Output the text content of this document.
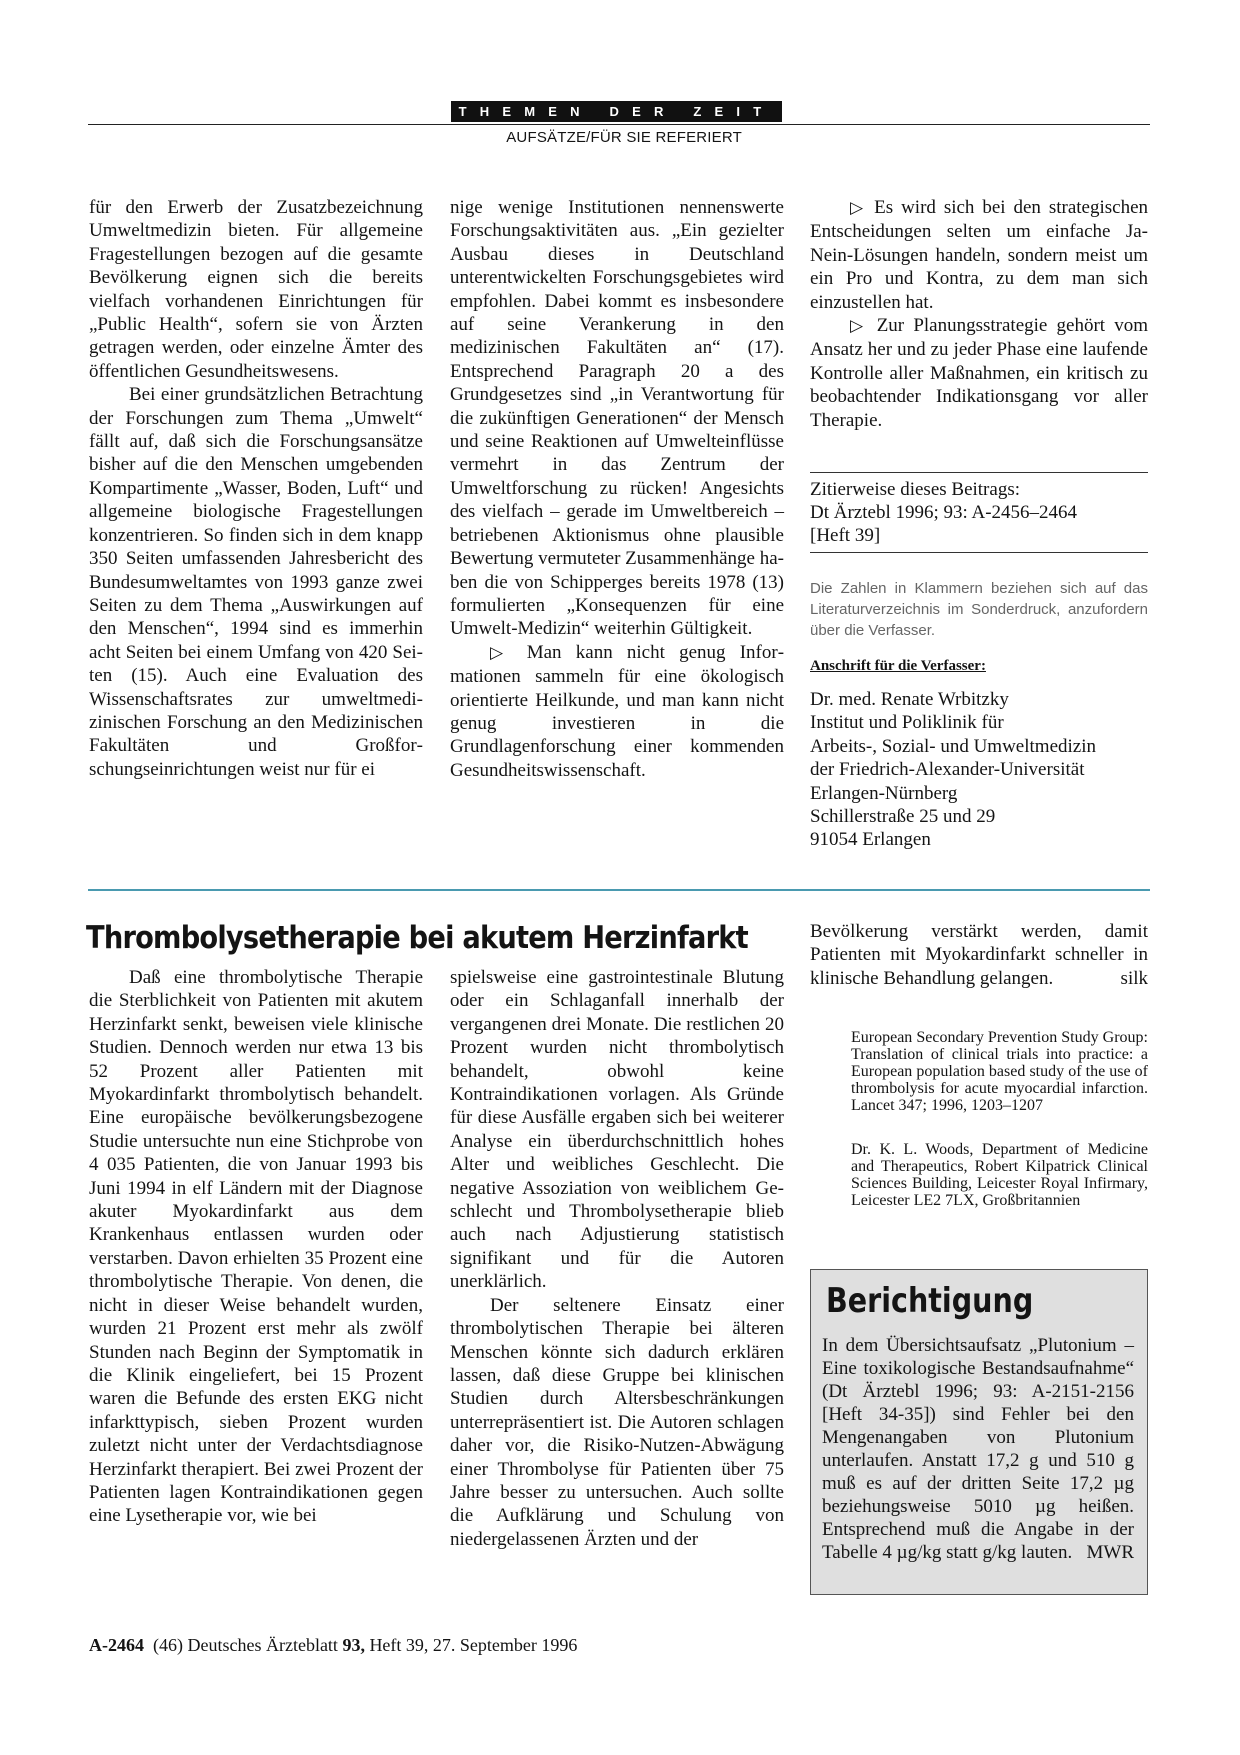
THEMEN DER ZEIT
AUFSÄTZE/FÜR SIE REFERIERT

für den Erwerb der Zusatzbezeichnung Umweltmedizin bieten. Für allgemeine Fragestellungen bezogen auf die gesamte Bevölkerung eignen sich die bereits vielfach vorhandenen Einrichtungen für „Public Health“, sofern sie von Ärzten getragen werden, oder einzelne Ämter des öffentlichen Gesundheitswesens.

Bei einer grundsätzlichen Betrachtung der Forschungen zum Thema „Umwelt“ fällt auf, daß sich die Forschungsansätze bisher auf die den Menschen umgebenden Kompartimente „Wasser, Boden, Luft“ und allgemeine biologische Fragestellungen konzentrieren. So finden sich in dem knapp 350 Seiten umfassenden Jahresbericht des Bundesumweltamtes von 1993 ganze zwei Seiten zu dem Thema „Auswirkungen auf den Menschen“, 1994 sind es immerhin acht Seiten bei einem Umfang von 420 Seiten (15). Auch eine Evaluation des Wissenschaftsrates zur umweltmedizinischen Forschung an den Medizinischen Fakultäten und Großforschungseinrichtungen weist nur für ei

nige wenige Institutionen nennenswerte Forschungsaktivitäten aus. „Ein gezielter Ausbau dieses in Deutschland unterentwickelten Forschungsgebietes wird empfohlen. Dabei kommt es insbesondere auf seine Verankerung in den medizinischen Fakultäten an“ (17). Entsprechend Paragraph 20 a des Grundgesetzes sind „in Verantwortung für die zukünftigen Generationen“ der Mensch und seine Reaktionen auf Umwelteinflüsse vermehrt in das Zentrum der Umweltforschung zu rücken! Angesichts des vielfach – gerade im Umweltbereich – betriebenen Aktionismus ohne plausible Bewertung vermuteter Zusammenhänge haben die von Schipperges bereits 1978 (13) formulierten „Konsequenzen für eine Umwelt-Medizin“ weiterhin Gültigkeit.

▷ Man kann nicht genug Informationen sammeln für eine ökologisch orientierte Heilkunde, und man kann nicht genug investieren in die Grundlagenforschung einer kommenden Gesundheitswissenschaft.

▷ Es wird sich bei den strategischen Entscheidungen selten um einfache Ja-Nein-Lösungen handeln, sondern meist um ein Pro und Kontra, zu dem man sich einzustellen hat.

▷ Zur Planungsstrategie gehört vom Ansatz her und zu jeder Phase eine laufende Kontrolle aller Maßnahmen, ein kritisch zu beobachtender Indikationsgang vor aller Therapie.

Zitierweise dieses Beitrags:

Dt Ärztebl 1996; 93: A-2456–2464

[Heft 39]

Die Zahlen in Klammern beziehen sich auf das Literaturverzeichnis im Sonderdruck, anzufordern über die Verfasser.
Anschrift für die Verfasser:
Dr. med. Renate Wrbitzky
Institut und Poliklinik für
Arbeits-, Sozial- und Umweltmedizin
der Friedrich-Alexander-Universität
Erlangen-Nürnberg
Schillerstraße 25 und 29
91054 Erlangen
Thrombolysetherapie bei akutem Herzinfarkt

Daß eine thrombolytische Therapie die Sterblichkeit von Patienten mit akutem Herzinfarkt senkt, beweisen viele klinische Studien. Dennoch werden nur etwa 13 bis 52 Prozent aller Patienten mit Myokardinfarkt thrombolytisch behandelt. Eine europäische bevölkerungsbezogene Studie untersuchte nun eine Stichprobe von 4 035 Patienten, die von Januar 1993 bis Juni 1994 in elf Ländern mit der Diagnose akuter Myokardinfarkt aus dem Krankenhaus entlassen wurden oder verstarben. Davon erhielten 35 Prozent eine thrombolytische Therapie. Von denen, die nicht in dieser Weise behandelt wurden, wurden 21 Prozent erst mehr als zwölf Stunden nach Beginn der Symptomatik in die Klinik eingeliefert, bei 15 Prozent waren die Befunde des ersten EKG nicht infarkttypisch, sieben Prozent wurden zuletzt nicht unter der Verdachtsdiagnose Herzinfarkt therapiert. Bei zwei Prozent der Patienten lagen Kontraindikationen gegen eine Lysetherapie vor, wie bei

spielsweise eine gastrointestinale Blutung oder ein Schlaganfall innerhalb der vergangenen drei Monate. Die restlichen 20 Prozent wurden nicht thrombolytisch behandelt, obwohl keine Kontraindikationen vorlagen. Als Gründe für diese Ausfälle ergaben sich bei weiterer Analyse ein überdurchschnittlich hohes Alter und weibliches Geschlecht. Die negative Assoziation von weiblichem Geschlecht und Thrombolysetherapie blieb auch nach Adjustierung statistisch signifikant und für die Autoren unerklärlich.

Der seltenere Einsatz einer thrombolytischen Therapie bei älteren Menschen könnte sich dadurch erklären lassen, daß diese Gruppe bei klinischen Studien durch Altersbeschränkungen unterrepräsentiert ist. Die Autoren schlagen daher vor, die Risiko-Nutzen-Abwägung einer Thrombolyse für Patienten über 75 Jahre besser zu untersuchen. Auch sollte die Aufklärung und Schulung von niedergelassenen Ärzten und der

Bevölkerung verstärkt werden, damit Patienten mit Myokardinfarkt schneller in klinische Behandlung gelangen.	silk

European Secondary Prevention Study Group: Translation of clinical trials into practice: a European population based study of the use of thrombolysis for acute myocardial infarction. Lancet 347; 1996, 1203–1207
Dr. K. L. Woods, Department of Medicine and Therapeutics, Robert Kilpatrick Clinical Sciences Building, Leicester Royal Infirmary, Leicester LE2 7LX, Großbritannien
Berichtigung
In dem Übersichtsaufsatz „Plutonium – Eine toxikologische Bestandsaufnahme“ (Dt Ärztebl 1996; 93: A-2151-2156 [Heft 34-35]) sind Fehler bei den Mengenangaben von Plutonium unterlaufen. Anstatt 17,2 g und 510 g muß es auf der dritten Seite 17,2 µg beziehungsweise 5010 µg heißen. Entsprechend muß die Angabe in der Tabelle 4 µg/kg statt g/kg lauten. MWR
A-2464 (46) Deutsches Ärzteblatt 93, Heft 39, 27. September 1996
